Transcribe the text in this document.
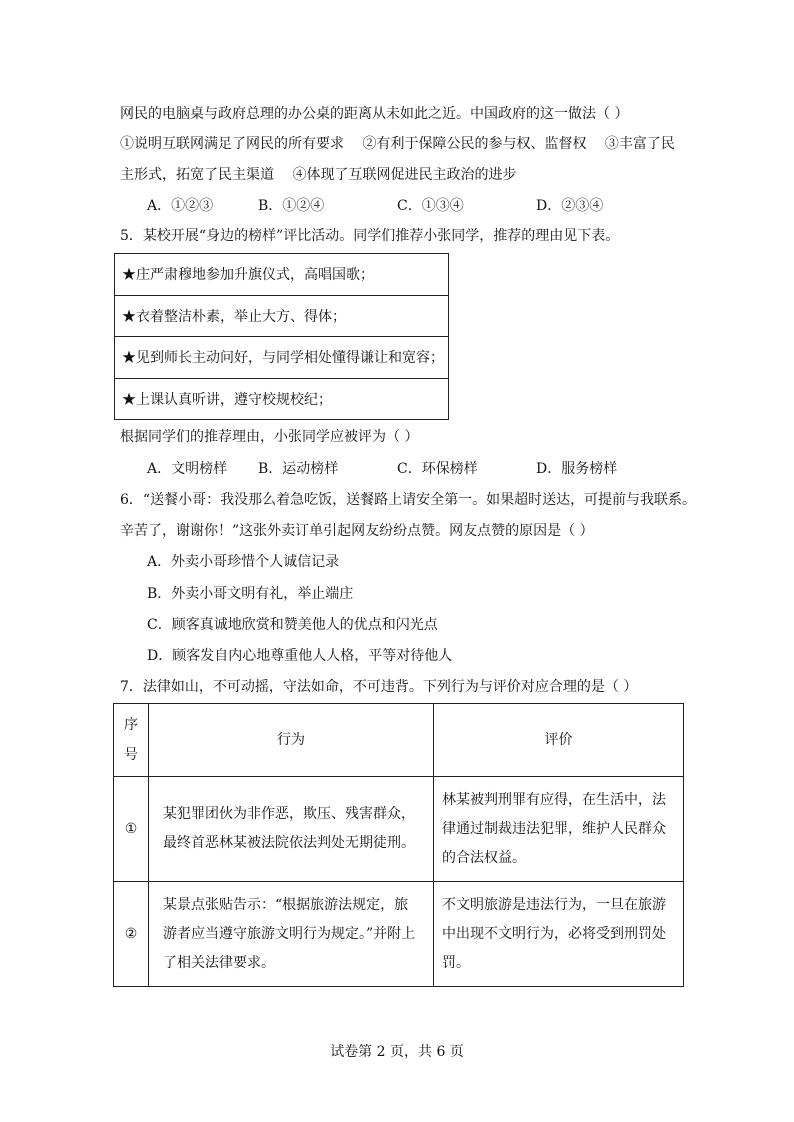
网民的电脑桌与政府总理的办公桌的距离从未如此之近。中国政府的这一做法（ ）
①说明互联网满足了网民的所有要求　 ②有利于保障公民的参与权、监督权　 ③丰富了民
主形式，拓宽了民主渠道　 ④体现了互联网促进民主政治的进步
A．①②③	B．①②④	C．①③④	D．②③④
5．某校开展“身边的榜样”评比活动。同学们推荐小张同学，推荐的理由见下表。
★庄严肃穆地参加升旗仪式，高唱国歌；
★衣着整洁朴素，举止大方、得体；
★见到师长主动问好，与同学相处懂得谦让和宽容；
★上课认真听讲，遵守校规校纪；
根据同学们的推荐理由，小张同学应被评为（ ）
A．文明榜样 B．运动榜样	C．环保榜样	D．服务榜样
6．“送餐小哥：我没那么着急吃饭，送餐路上请安全第一。如果超时送达，可提前与我联系。
辛苦了，谢谢你！”这张外卖订单引起网友纷纷点赞。网友点赞的原因是（ ）
A．外卖小哥珍惜个人诚信记录
B．外卖小哥文明有礼，举止端庄
C．顾客真诚地欣赏和赞美他人的优点和闪光点
D．顾客发自内心地尊重他人人格，平等对待他人
7．法律如山，不可动摇，守法如命，不可违背。下列行为与评价对应合理的是（ ）
序号	行为	评价
①	某犯罪团伙为非作恶，欺压、残害群众，最终首恶林某被法院依法判处无期徒刑。	林某被判刑罪有应得，在生活中，法律通过制裁违法犯罪，维护人民群众的合法权益。
②	某景点张贴告示：“根据旅游法规定，旅游者应当遵守旅游文明行为规定。”并附上了相关法律要求。	不文明旅游是违法行为，一旦在旅游中出现不文明行为，必将受到刑罚处罚。
试卷第 2 页，共 6 页
